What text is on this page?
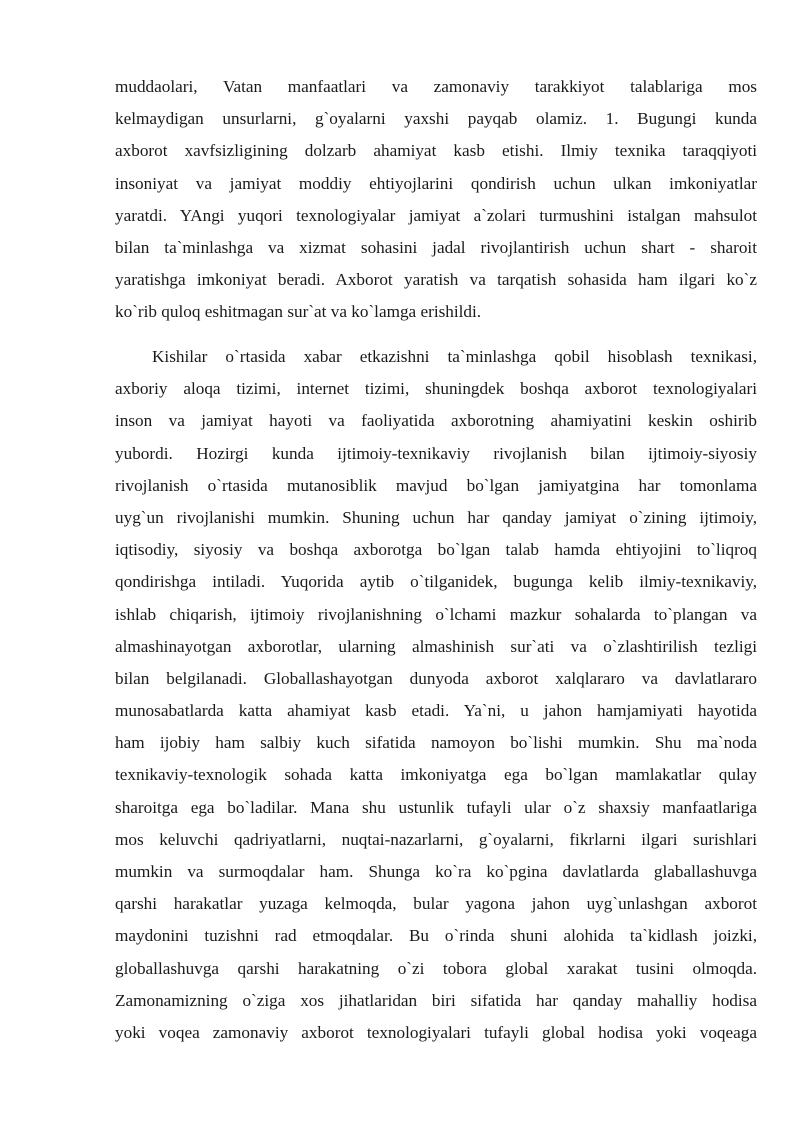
muddaolari, Vatan manfaatlari va zamonaviy tarakkiyot talablariga mos
kelmaydigan unsurlarni, g`oyalarni yaxshi payqab olamiz. 1. Bugungi kunda
axborot xavfsizligining dolzarb ahamiyat kasb etishi. Ilmiy texnika taraqqiyoti
insoniyat va jamiyat moddiy ehtiyojlarini qondirish uchun ulkan imkoniyatlar
yaratdi. YAngi yuqori texnologiyalar jamiyat a`zolari turmushini istalgan mahsulot
bilan ta`minlashga va xizmat sohasini jadal rivojlantirish uchun shart - sharoit
yaratishga imkoniyat beradi. Axborot yaratish va tarqatish sohasida ham ilgari ko`z
ko`rib quloq eshitmagan sur`at va ko`lamga erishildi.
Kishilar o`rtasida xabar etkazishni ta`minlashga qobil hisoblash texnikasi,
axboriy aloqa tizimi, internet tizimi, shuningdek boshqa axborot texnologiyalari
inson va jamiyat hayoti va faoliyatida axborotning ahamiyatini keskin oshirib
yubordi. Hozirgi kunda ijtimoiy-texnikaviy rivojlanish bilan ijtimoiy-siyosiy
rivojlanish o`rtasida mutanosiblik mavjud bo`lgan jamiyatgina har tomonlama
uyg`un rivojlanishi mumkin. Shuning uchun har qanday jamiyat o`zining ijtimoiy,
iqtisodiy, siyosiy va boshqa axborotga bo`lgan talab hamda ehtiyojini to`liqroq
qondirishga intiladi. Yuqorida aytib o`tilganidek, bugunga kelib ilmiy-texnikaviy,
ishlab chiqarish, ijtimoiy rivojlanishning o`lchami mazkur sohalarda to`plangan va
almashinayotgan axborotlar, ularning almashinish sur`ati va o`zlashtirilish tezligi
bilan belgilanadi. Globallashayotgan dunyoda axborot xalqlararo va davlatlararo
munosabatlarda katta ahamiyat kasb etadi. Ya`ni, u jahon hamjamiyati hayotida
ham ijobiy ham salbiy kuch sifatida namoyon bo`lishi mumkin. Shu ma`noda
texnikaviy-texnologik sohada katta imkoniyatga ega bo`lgan mamlakatlar qulay
sharoitga ega bo`ladilar. Mana shu ustunlik tufayli ular o`z shaxsiy manfaatlariga
mos keluvchi qadriyatlarni, nuqtai-nazarlarni, g`oyalarni, fikrlarni ilgari surishlari
mumkin va surmoqdalar ham. Shunga ko`ra ko`pgina davlatlarda glaballashuvga
qarshi harakatlar yuzaga kelmoqda, bular yagona jahon uyg`unlashgan axborot
maydonini tuzishni rad etmoqdalar. Bu o`rinda shuni alohida ta`kidlash joizki,
globallashuvga qarshi harakatning o`zi tobora global xarakat tusini olmoqda.
Zamonamizning o`ziga xos jihatlaridan biri sifatida har qanday mahalliy hodisa
yoki voqea zamonaviy axborot texnologiyalari tufayli global hodisa yoki voqeaga
